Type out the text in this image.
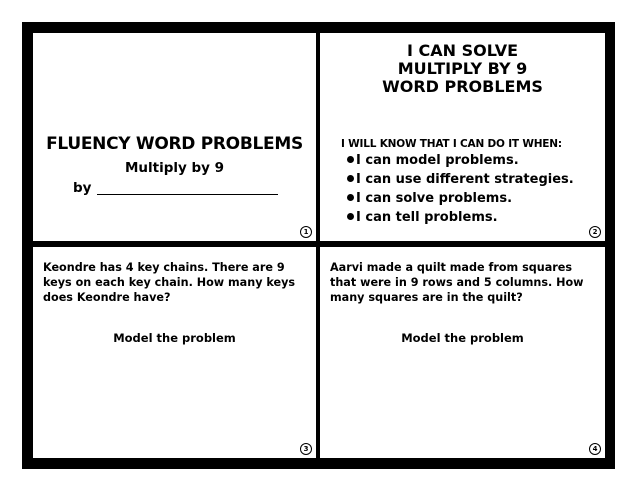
FLUENCY WORD PROBLEMS
Multiply by 9
by
1
I CAN SOLVE
MULTIPLY BY 9
WORD PROBLEMS
I WILL KNOW THAT I CAN DO IT WHEN:
I can model problems.
I can use different strategies.
I can solve problems.
I can tell problems.
2
Keondre has 4 key chains. There are 9 keys on each key chain. How many keys does Keondre have?
Model the problem
3
Aarvi made a quilt made from squares that were in 9 rows and 5 columns. How many squares are in the quilt?
Model the problem
4
